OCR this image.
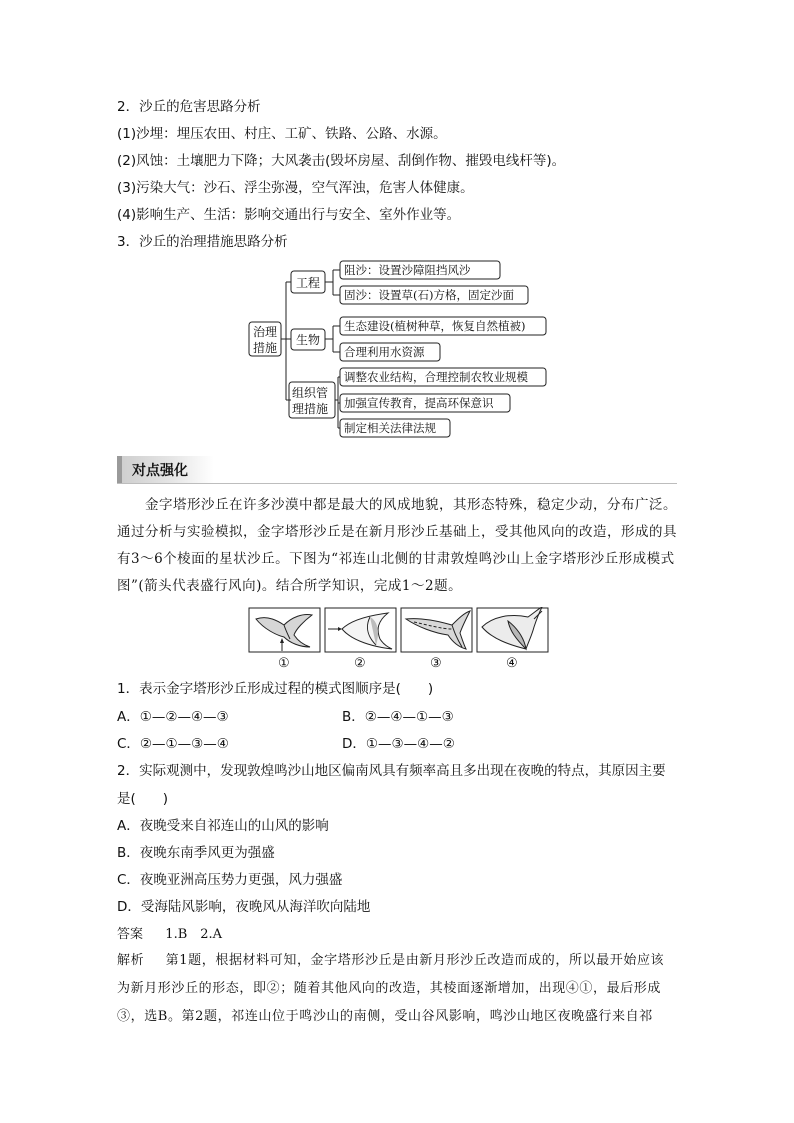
2．沙丘的危害思路分析
(1)沙埋：埋压农田、村庄、工矿、铁路、公路、水源。
(2)风蚀：土壤肥力下降；大风袭击(毁坏房屋、刮倒作物、摧毁电线杆等)。
(3)污染大气：沙石、浮尘弥漫，空气浑浊，危害人体健康。
(4)影响生产、生活：影响交通出行与安全、室外作业等。
3．沙丘的治理措施思路分析
治理
措施
工程
生物
组织管
理措施
阻沙：设置沙障阻挡风沙
固沙：设置草(石)方格，固定沙面
生态建设(植树种草，恢复自然植被)
合理利用水资源
调整农业结构，合理控制农牧业规模
加强宣传教育，提高环保意识
制定相关法律法规
对点强化
金字塔形沙丘在许多沙漠中都是最大的风成地貌，其形态特殊，稳定少动，分布广泛。
通过分析与实验模拟，金字塔形沙丘是在新月形沙丘基础上，受其他风向的改造，形成的具
有3～6个棱面的星状沙丘。下图为“祁连山北侧的甘肃敦煌鸣沙山上金字塔形沙丘形成模式
图”(箭头代表盛行风向)。结合所学知识，完成1～2题。
①	②	③	④
1．表示金字塔形沙丘形成过程的模式图顺序是(　　)
A．①—②—④—③	B．②—④—①—③
C．②—①—③—④	D．①—③—④—②
2．实际观测中，发现敦煌鸣沙山地区偏南风具有频率高且多出现在夜晚的特点，其原因主要
是(　　)
A．夜晚受来自祁连山的山风的影响
B．夜晚东南季风更为强盛
C．夜晚亚洲高压势力更强，风力强盛
D．受海陆风影响，夜晚风从海洋吹向陆地
答案 1.B　2.A
解析 第1题，根据材料可知，金字塔形沙丘是由新月形沙丘改造而成的，所以最开始应该
为新月形沙丘的形态，即②；随着其他风向的改造，其棱面逐渐增加，出现④①，最后形成
③，选B。第2题，祁连山位于鸣沙山的南侧，受山谷风影响，鸣沙山地区夜晚盛行来自祁
